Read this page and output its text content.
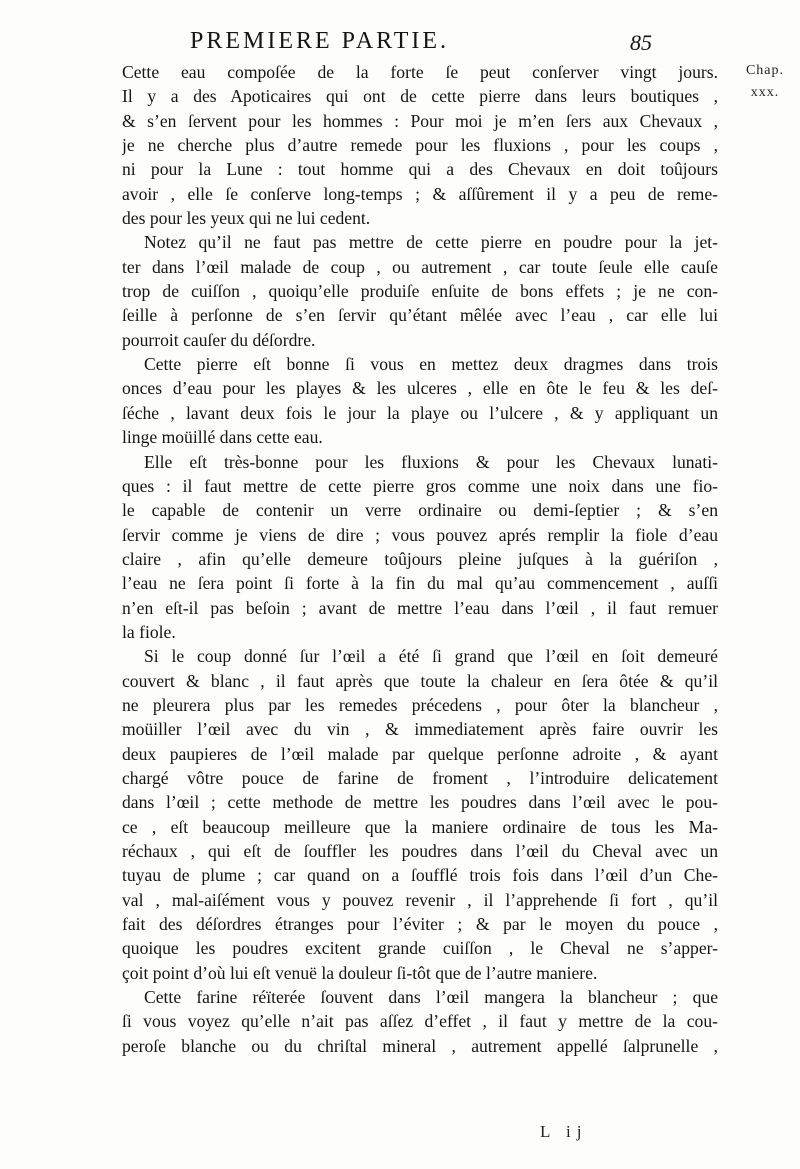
PREMIERE PARTIE.	85
Chap.
xxx.
Cette eau compoſée de la forte ſe peut conſerver vingt jours.
Il y a des Apoticaires qui ont de cette pierre dans leurs boutiques ,
& s’en ſervent pour les hommes : Pour moi je m’en ſers aux Chevaux ,
je ne cherche plus d’autre remede pour les fluxions , pour les coups ,
ni pour la Lune : tout homme qui a des Chevaux en doit toûjours
avoir , elle ſe conſerve long-temps ; & aſſûrement il y a peu de reme-
des pour les yeux qui ne lui cedent.
Notez qu’il ne faut pas mettre de cette pierre en poudre pour la jet-
ter dans l’œil malade de coup , ou autrement , car toute ſeule elle cauſe
trop de cuiſſon , quoiqu’elle produiſe enſuite de bons effets ; je ne con-
ſeille à perſonne de s’en ſervir qu’étant mêlée avec l’eau , car elle lui
pourroit cauſer du déſordre.
Cette pierre eſt bonne ſi vous en mettez deux dragmes dans trois
onces d’eau pour les playes & les ulceres , elle en ôte le feu & les deſ-
ſéche , lavant deux fois le jour la playe ou l’ulcere , & y appliquant un
linge moüillé dans cette eau.
Elle eſt très-bonne pour les fluxions & pour les Chevaux lunati-
ques : il faut mettre de cette pierre gros comme une noix dans une fio-
le capable de contenir un verre ordinaire ou demi-ſeptier ; & s’en
ſervir comme je viens de dire ; vous pouvez aprés remplir la fiole d’eau
claire , afin qu’elle demeure toûjours pleine juſques à la guériſon ,
l’eau ne ſera point ſi forte à la fin du mal qu’au commencement , auſſi
n’en eſt-il pas beſoin ; avant de mettre l’eau dans l’œil , il faut remuer
la fiole.
Si le coup donné ſur l’œil a été ſi grand que l’œil en ſoit demeuré
couvert & blanc , il faut après que toute la chaleur en ſera ôtée & qu’il
ne pleurera plus par les remedes précedens , pour ôter la blancheur ,
moüiller l’œil avec du vin , & immediatement après faire ouvrir les
deux paupieres de l’œil malade par quelque perſonne adroite , & ayant
chargé vôtre pouce de farine de froment , l’introduire delicatement
dans l’œil ; cette methode de mettre les poudres dans l’œil avec le pou-
ce , eſt beaucoup meilleure que la maniere ordinaire de tous les Ma-
réchaux , qui eſt de ſouffler les poudres dans l’œil du Cheval avec un
tuyau de plume ; car quand on a ſoufflé trois fois dans l’œil d’un Che-
val , mal-aiſément vous y pouvez revenir , il l’apprehende ſi fort , qu’il
fait des déſordres étranges pour l’éviter ; & par le moyen du pouce ,
quoique les poudres excitent grande cuiſſon , le Cheval ne s’apper-
çoit point d’où lui eſt venuë la douleur ſi-tôt que de l’autre maniere.
Cette farine réïterée ſouvent dans l’œil mangera la blancheur ; que
ſi vous voyez qu’elle n’ait pas aſſez d’effet , il faut y mettre de la cou-
peroſe blanche ou du chriſtal mineral , autrement appellé ſalprunelle ,
L ij
